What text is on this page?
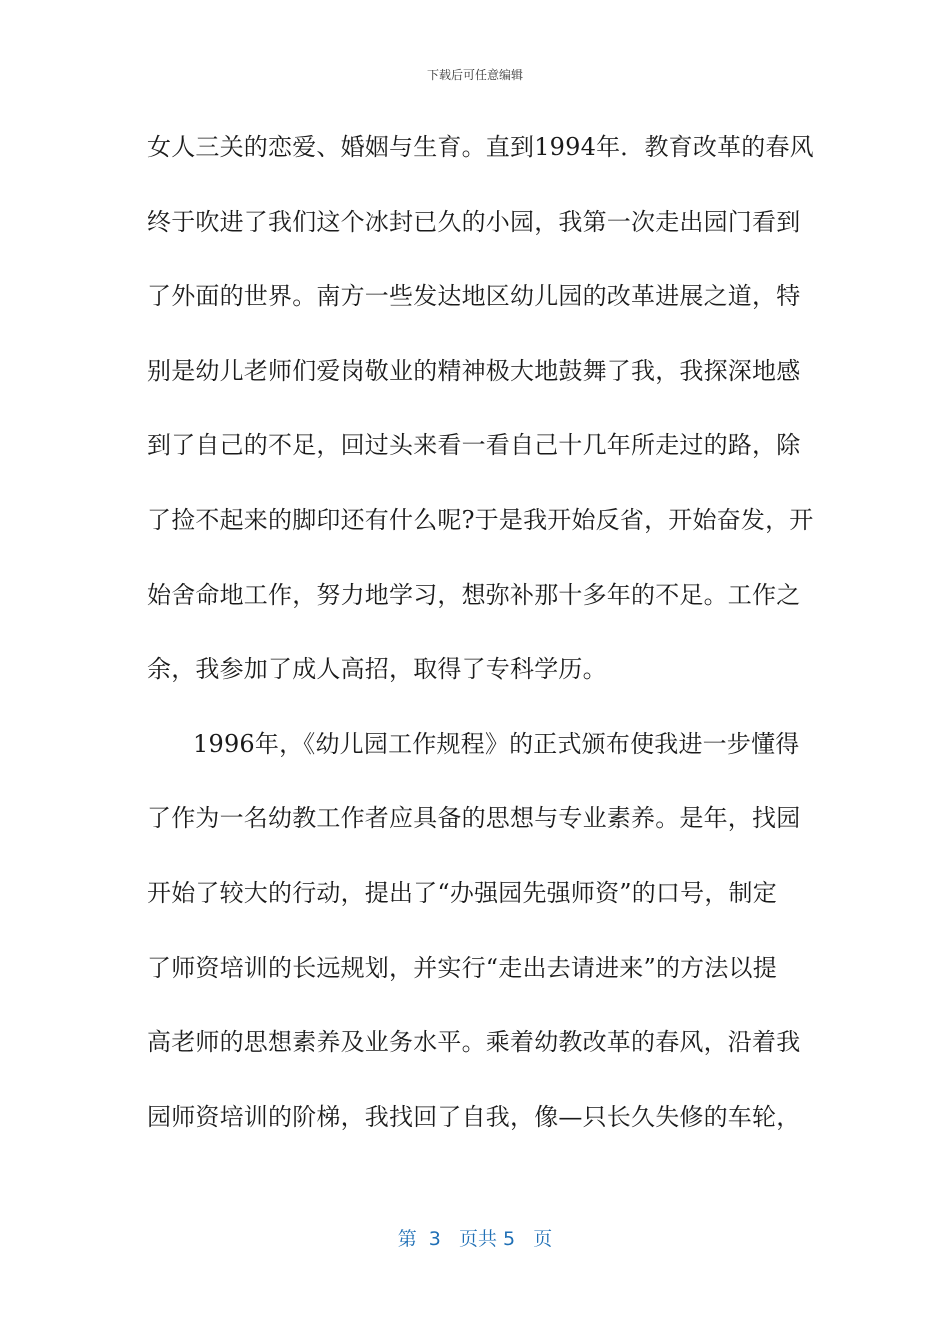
下载后可任意编辑
女人三关的恋爱、婚姻与生育。直到1994年．教育改革的春风
终于吹进了我们这个冰封已久的小园，我第一次走出园门看到
了外面的世界。南方一些发达地区幼儿园的改革进展之道，特
别是幼儿老师们爱岗敬业的精神极大地鼓舞了我，我探深地感
到了自己的不足，回过头来看一看自己十几年所走过的路，除
了捡不起来的脚印还有什么呢?于是我开始反省，开始奋发，开
始舍命地工作，努力地学习，想弥补那十多年的不足。工作之
余，我参加了成人高招，取得了专科学历。
1996年，《幼儿园工作规程》的正式颁布使我进一步懂得
了作为一名幼教工作者应具备的思想与专业素养。是年，找园
开始了较大的行动，提出了“办强园先强师资”的口号，制定
了师资培训的长远规划，并实行“走出去请进来”的方法以提
高老师的思想素养及业务水平。乘着幼教改革的春风，沿着我
园师资培训的阶梯，我找回了自我，像—只长久失修的车轮，
第  3   页共 5   页
